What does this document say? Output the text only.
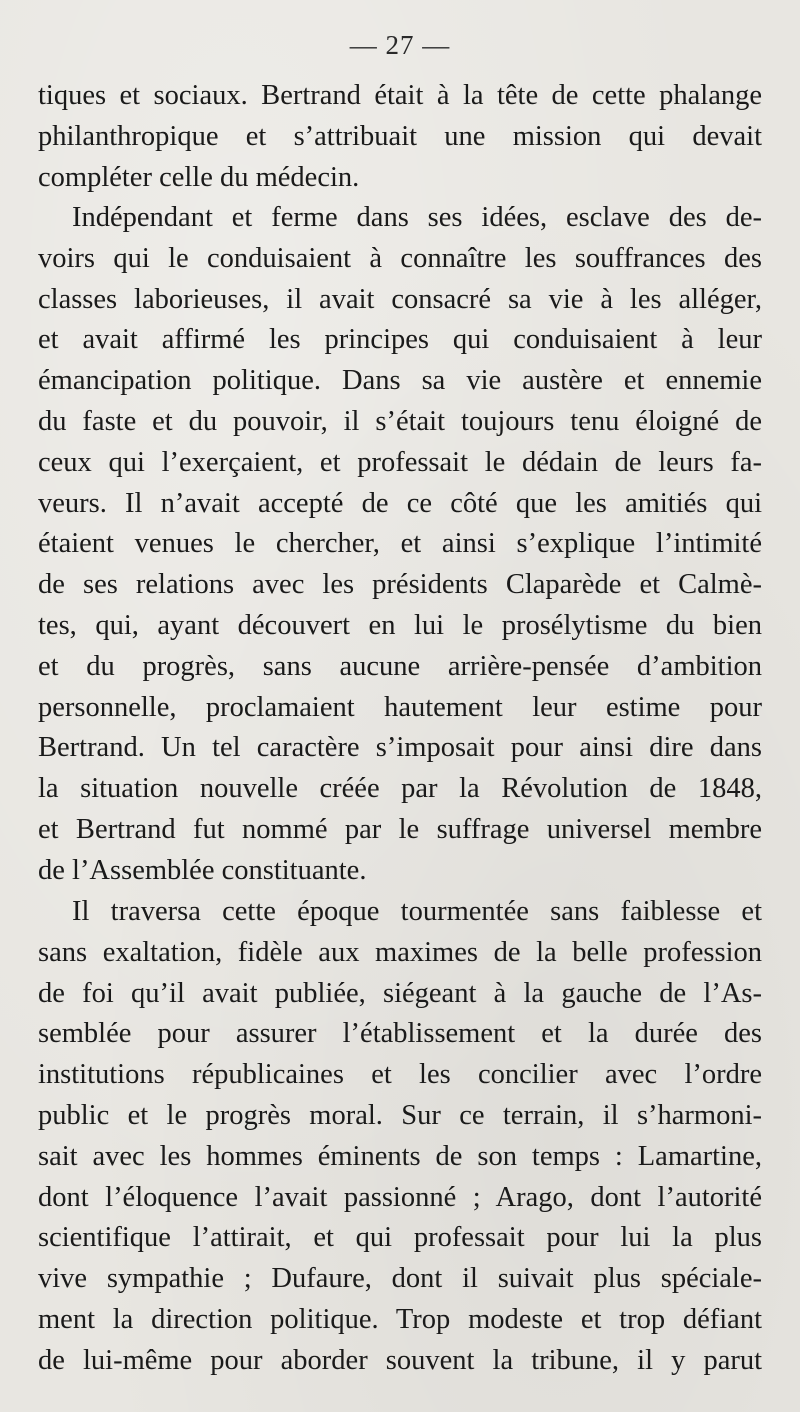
— 27 —
tiques et sociaux. Bertrand était à la tête de cette phalange
philanthropique et s’attribuait une mission qui devait
compléter celle du médecin.
Indépendant et ferme dans ses idées, esclave des de-
voirs qui le conduisaient à connaître les souffrances des
classes laborieuses, il avait consacré sa vie à les alléger,
et avait affirmé les principes qui conduisaient à leur
émancipation politique. Dans sa vie austère et ennemie
du faste et du pouvoir, il s’était toujours tenu éloigné de
ceux qui l’exerçaient, et professait le dédain de leurs fa-
veurs. Il n’avait accepté de ce côté que les amitiés qui
étaient venues le chercher, et ainsi s’explique l’intimité
de ses relations avec les présidents Claparède et Calmè-
tes, qui, ayant découvert en lui le prosélytisme du bien
et du progrès, sans aucune arrière-pensée d’ambition
personnelle, proclamaient hautement leur estime pour
Bertrand. Un tel caractère s’imposait pour ainsi dire dans
la situation nouvelle créée par la Révolution de 1848,
et Bertrand fut nommé par le suffrage universel membre
de l’Assemblée constituante.
Il traversa cette époque tourmentée sans faiblesse et
sans exaltation, fidèle aux maximes de la belle profession
de foi qu’il avait publiée, siégeant à la gauche de l’As-
semblée pour assurer l’établissement et la durée des
institutions républicaines et les concilier avec l’ordre
public et le progrès moral. Sur ce terrain, il s’harmoni-
sait avec les hommes éminents de son temps : Lamartine,
dont l’éloquence l’avait passionné ; Arago, dont l’autorité
scientifique l’attirait, et qui professait pour lui la plus
vive sympathie ; Dufaure, dont il suivait plus spéciale-
ment la direction politique. Trop modeste et trop défiant
de lui-même pour aborder souvent la tribune, il y parut
